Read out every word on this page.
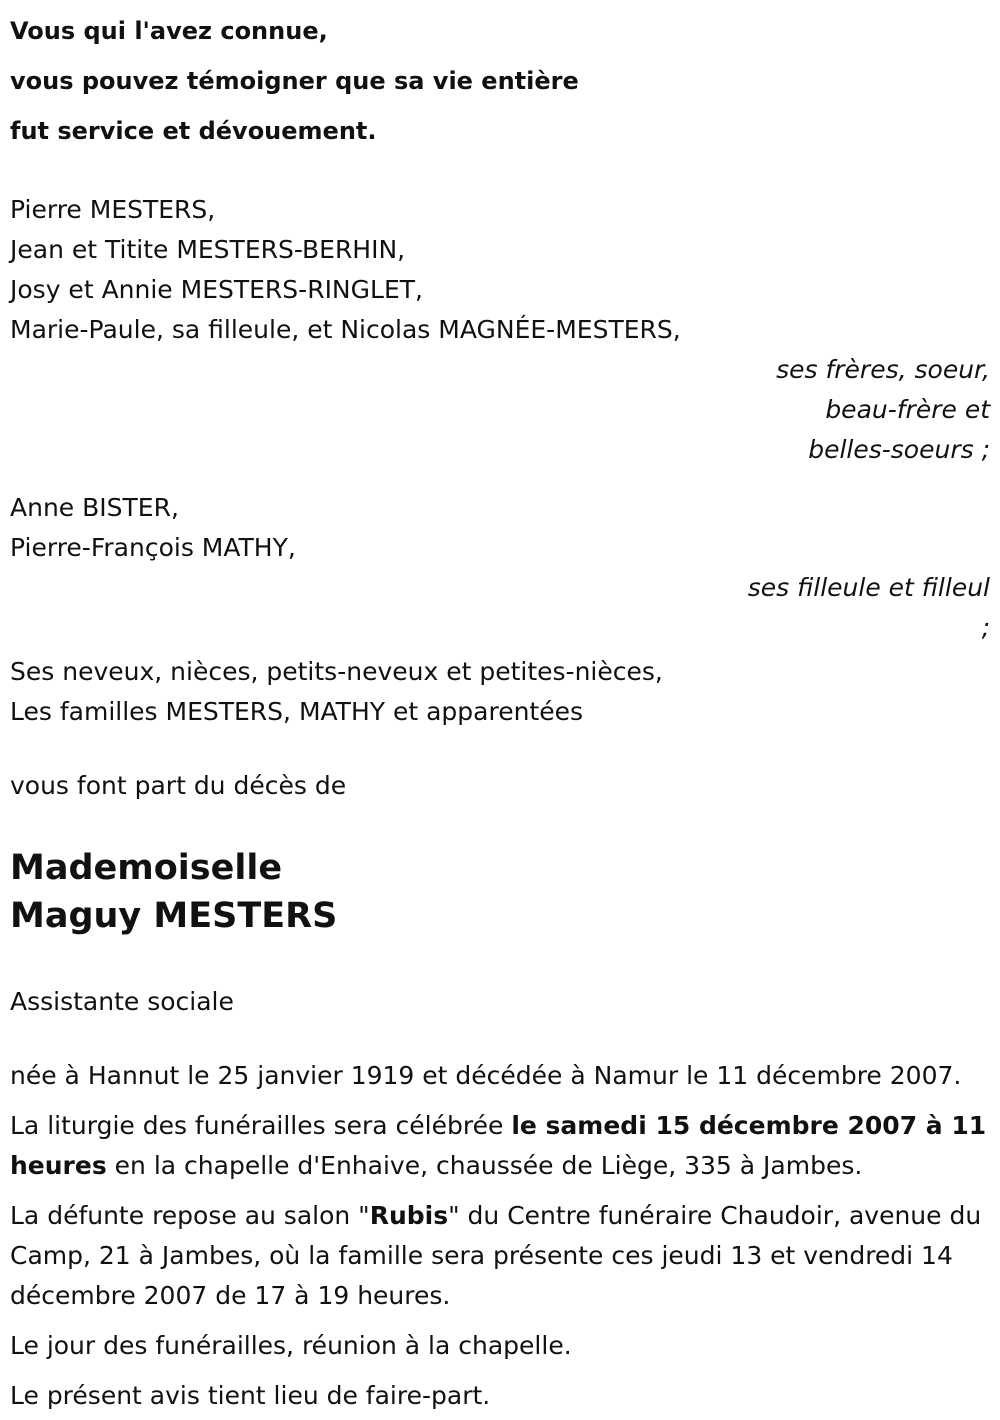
Vous qui l'avez connue,

vous pouvez témoigner que sa vie entière

fut service et dévouement.

Pierre MESTERS,

Jean et Titite MESTERS-BERHIN,

Josy et Annie MESTERS-RINGLET,

Marie-Paule, sa filleule, et Nicolas MAGNÉE-MESTERS,

ses frères, soeur,

beau-frère et

belles-soeurs ;

Anne BISTER,

Pierre-François MATHY,

ses filleule et filleul

;

Ses neveux, nièces, petits-neveux et petites-nièces,

Les familles MESTERS, MATHY et apparentées

vous font part du décès de

Mademoiselle

Maguy MESTERS

Assistante sociale

née à Hannut le 25 janvier 1919 et décédée à Namur le 11 décembre 2007.

La liturgie des funérailles sera célébrée le samedi 15 décembre 2007 à 11 heures en la chapelle d'Enhaive, chaussée de Liège, 335 à Jambes.

La défunte repose au salon "Rubis" du Centre funéraire Chaudoir, avenue du Camp, 21 à Jambes, où la famille sera présente ces jeudi 13 et vendredi 14 décembre 2007 de 17 à 19 heures.

Le jour des funérailles, réunion à la chapelle.

Le présent avis tient lieu de faire-part.
